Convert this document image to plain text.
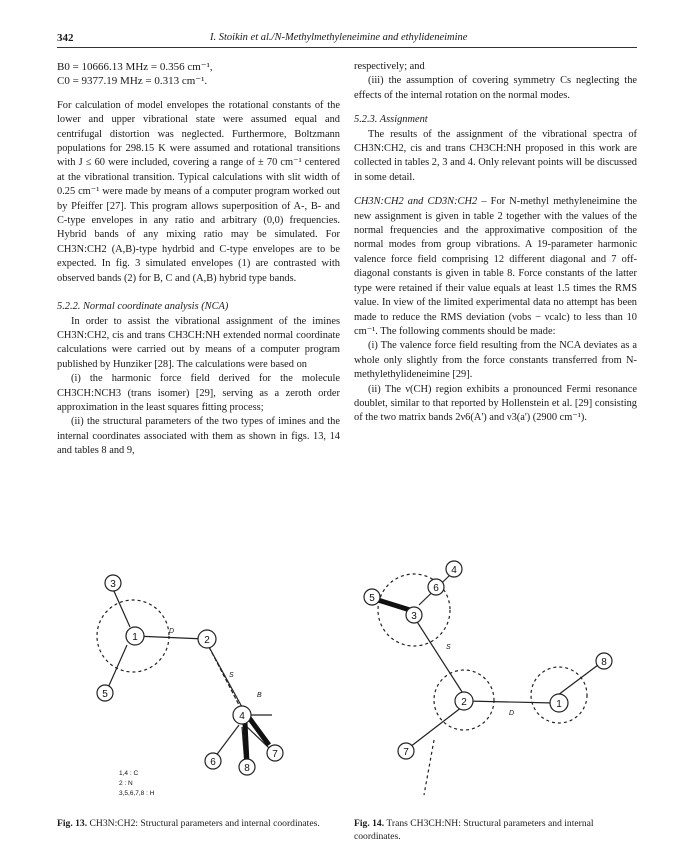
342	I. Stoikin et al./N-Methylmethyleneimine and ethylideneimine
B0 = 10666.13 MHz = 0.356 cm⁻¹,
C0 = 9377.19 MHz = 0.313 cm⁻¹.

For calculation of model envelopes the rotational constants of the lower and upper vibrational state were assumed equal and centrifugal distortion was neglected. Furthermore, Boltzmann populations for 298.15 K were assumed and rotational transitions with J ≤ 60 were included, covering a range of ± 70 cm⁻¹ centered at the vibrational transition. Typical calculations with slit width of 0.25 cm⁻¹ were made by means of a computer program worked out by Pfeiffer [27]. This program allows superposition of A-, B- and C-type envelopes in any ratio and arbitrary (0,0) frequencies. Hybrid bands of any mixing ratio may be simulated. For CH3N:CH2 (A,B)-type hydrbid and C-type envelopes are to be expected. In fig. 3 simulated envelopes (1) are contrasted with observed bands (2) for B, C and (A,B) hybrid type bands.

5.2.2. Normal coordinate analysis (NCA)

In order to assist the vibrational assignment of the imines CH3N:CH2, cis and trans CH3CH:NH extended normal coordinate calculations were carried out by means of a computer program published by Hunziker [28]. The calculations were based on

(i) the harmonic force field derived for the molecule CH3CH:NCH3 (trans isomer) [29], serving as a zeroth order approximation in the least squares fitting process;

(ii) the structural parameters of the two types of imines and the internal coordinates associated with them as shown in figs. 13, 14 and tables 8 and 9,

respectively; and

(iii) the assumption of covering symmetry Cs neglecting the effects of the internal rotation on the normal modes.

5.2.3. Assignment

The results of the assignment of the vibrational spectra of CH3N:CH2, cis and trans CH3CH:NH proposed in this work are collected in tables 2, 3 and 4. Only relevant points will be discussed in some detail.

CH3N:CH2 and CD3N:CH2 – For N-methyl methyleneimine the new assignment is given in table 2 together with the values of the normal frequencies and the approximative composition of the normal modes from group vibrations. A 19-parameter harmonic valence force field comprising 12 different diagonal and 7 off-diagonal constants is given in table 8. Force constants of the latter type were retained if their value equals at least 1.5 times the RMS value. In view of the limited experimental data no attempt has been made to reduce the RMS deviation (νobs − νcalc) to less than 10 cm⁻¹. The following comments should be made:

(i) The valence force field resulting from the NCA deviates as a whole only slightly from the force constants transferred from N-methylethylideneimine [29].

(ii) The ν(CH) region exhibits a pronounced Fermi resonance doublet, similar to that reported by Hollenstein et al. [29] consisting of the two matrix bands 2ν6(A') and ν3(a') (2900 cm⁻¹).

3
1	2
5
4
6
7
8
D
S
B
1,4 : C
2 : N
3,5,6,7,8 : H
4
6
5
3
2	1
8
7
D
S
Fig. 13. CH3N:CH2: Structural parameters and internal coordinates.	Fig. 14. Trans CH3CH:NH: Structural parameters and internal coordinates.
